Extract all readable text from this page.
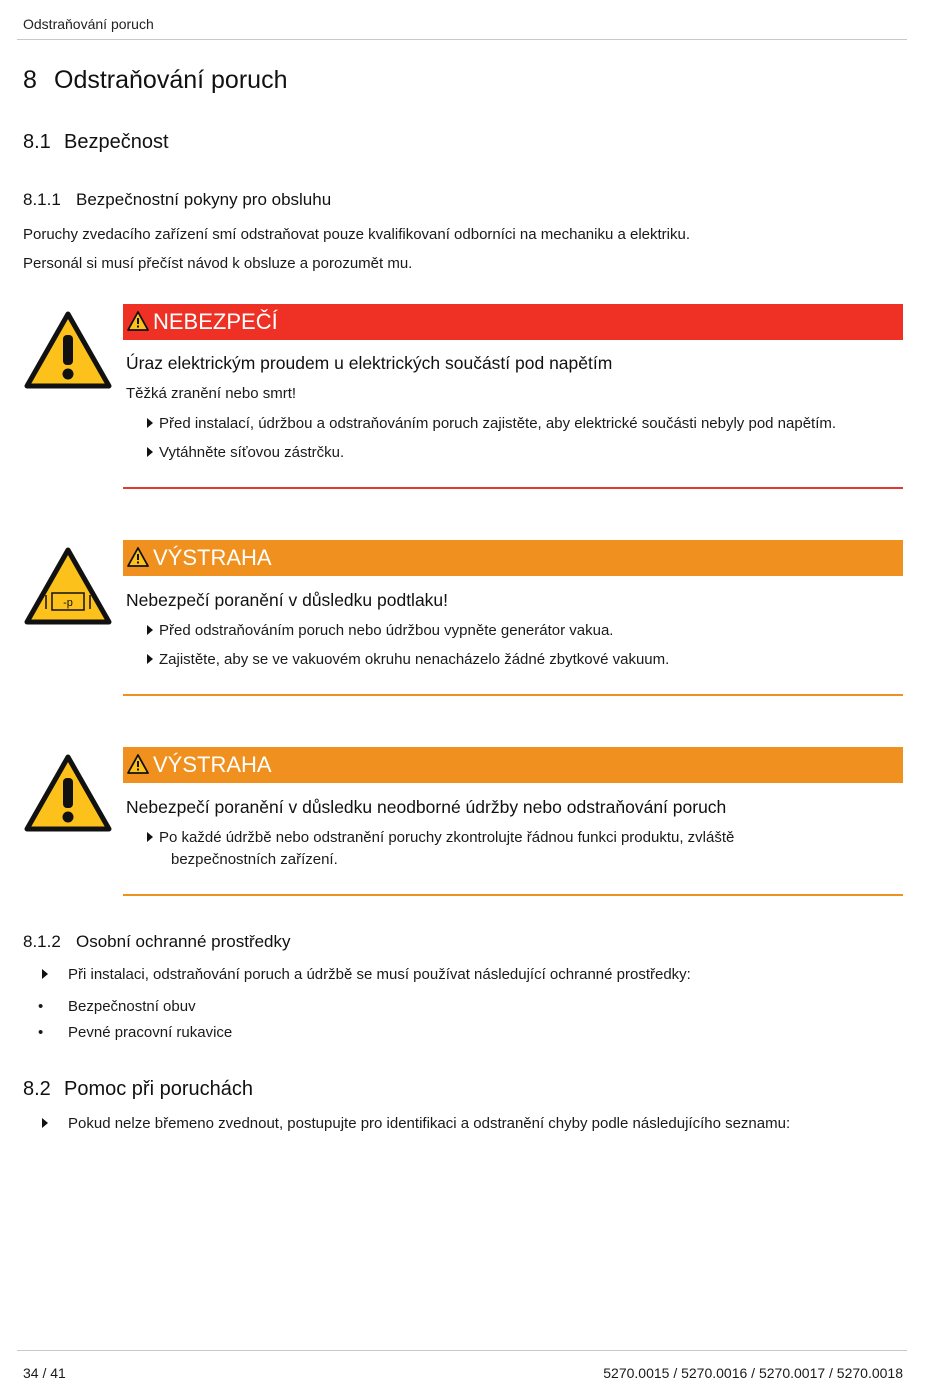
Odstraňování poruch
8 Odstraňování poruch
8.1 Bezpečnost
8.1.1 Bezpečnostní pokyny pro obsluhu
Poruchy zvedacího zařízení smí odstraňovat pouze kvalifikovaní odborníci na mechaniku a elektriku.
Personál si musí přečíst návod k obsluze a porozumět mu.
NEBEZPEČÍ
Úraz elektrickým proudem u elektrických součástí pod napětím
Těžká zranění nebo smrt!
Před instalací, údržbou a odstraňováním poruch zajistěte, aby elektrické součásti nebyly pod napětím.
Vytáhněte síťovou zástrčku.
-p
VÝSTRAHA
Nebezpečí poranění v důsledku podtlaku!
Před odstraňováním poruch nebo údržbou vypněte generátor vakua.
Zajistěte, aby se ve vakuovém okruhu nenacházelo žádné zbytkové vakuum.
VÝSTRAHA
Nebezpečí poranění v důsledku neodborné údržby nebo odstraňování poruch
Po každé údržbě nebo odstranění poruchy zkontrolujte řádnou funkci produktu, zvláště
bezpečnostních zařízení.
8.1.2 Osobní ochranné prostředky
Při instalaci, odstraňování poruch a údržbě se musí používat následující ochranné prostředky:
• Bezpečnostní obuv
• Pevné pracovní rukavice
8.2 Pomoc při poruchách
Pokud nelze břemeno zvednout, postupujte pro identifikaci a odstranění chyby podle následujícího seznamu:
34 / 41	5270.0015 / 5270.0016 / 5270.0017 / 5270.0018
